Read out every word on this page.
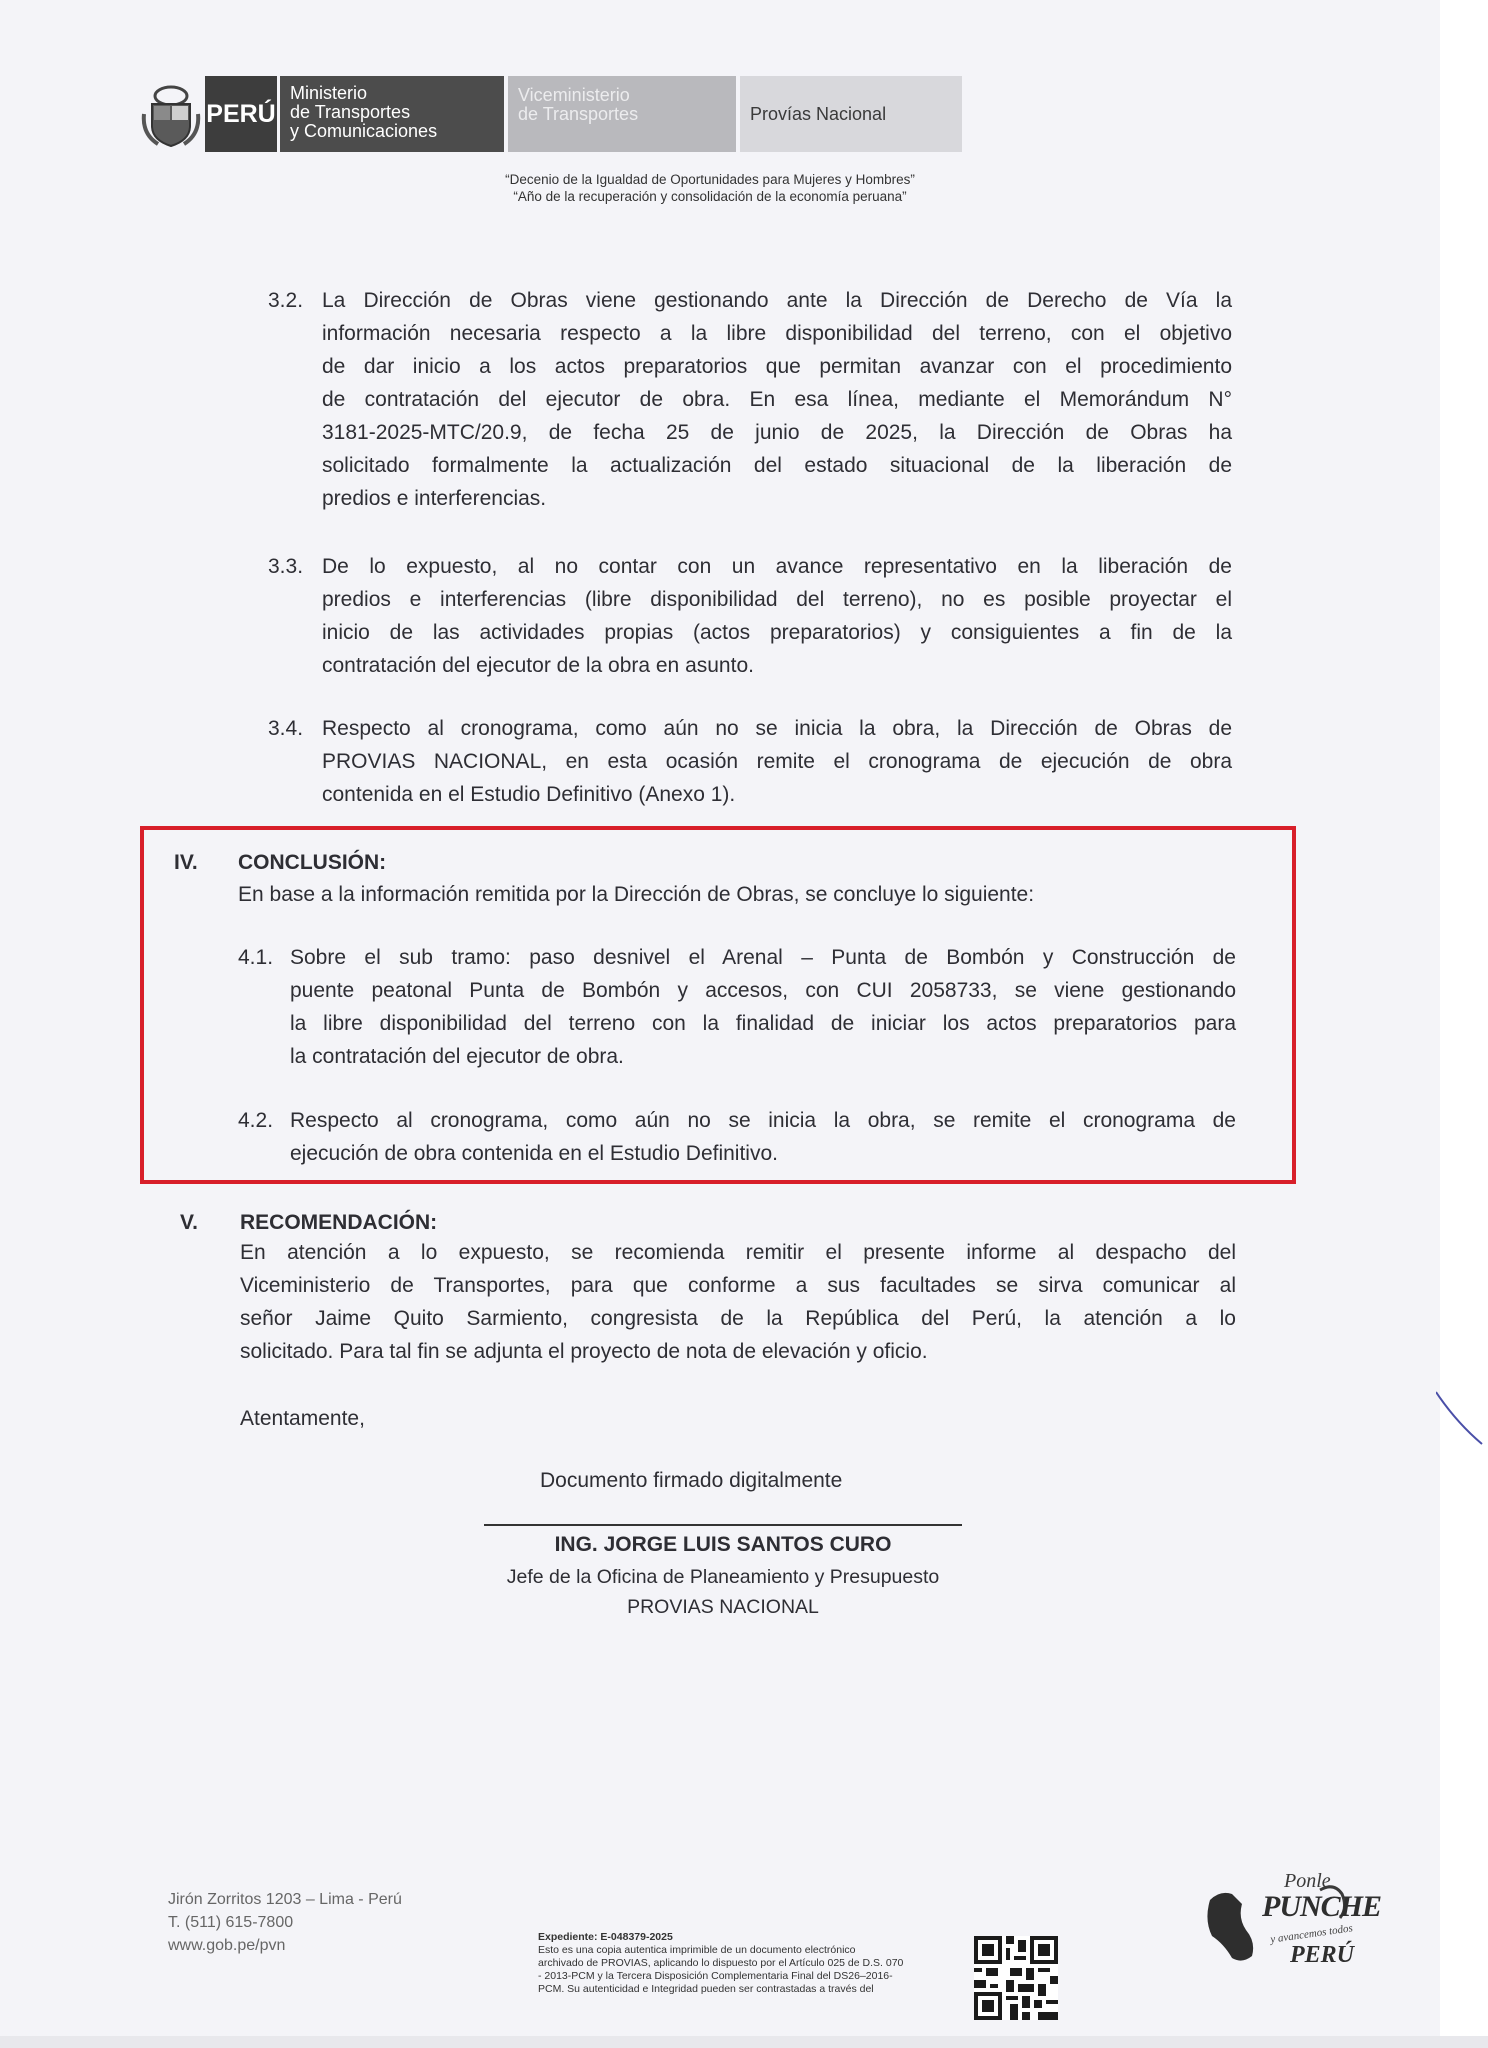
PERÚ
Ministerio
de Transportes
y Comunicaciones
Viceministerio
de Transportes	Provías Nacional
“Decenio de la Igualdad de Oportunidades para Mujeres y Hombres”
“Año de la recuperación y consolidación de la economía peruana”
3.2. La Dirección de Obras viene gestionando ante la Dirección de Derecho de Vía la
información necesaria respecto a la libre disponibilidad del terreno, con el objetivo
de dar inicio a los actos preparatorios que permitan avanzar con el procedimiento
de contratación del ejecutor de obra. En esa línea, mediante el Memorándum N°
3181-2025-MTC/20.9, de fecha 25 de junio de 2025, la Dirección de Obras ha
solicitado formalmente la actualización del estado situacional de la liberación de
predios e interferencias.
3.3. De lo expuesto, al no contar con un avance representativo en la liberación de
predios e interferencias (libre disponibilidad del terreno), no es posible proyectar el
inicio de las actividades propias (actos preparatorios) y consiguientes a fin de la
contratación del ejecutor de la obra en asunto.
3.4. Respecto al cronograma, como aún no se inicia la obra, la Dirección de Obras de
PROVIAS NACIONAL, en esta ocasión remite el cronograma de ejecución de obra
contenida en el Estudio Definitivo (Anexo 1).
IV. CONCLUSIÓN:
En base a la información remitida por la Dirección de Obras, se concluye lo siguiente:
4.1. Sobre el sub tramo: paso desnivel el Arenal – Punta de Bombón y Construcción de
puente peatonal Punta de Bombón y accesos, con CUI 2058733, se viene gestionando
la libre disponibilidad del terreno con la finalidad de iniciar los actos preparatorios para
la contratación del ejecutor de obra.
4.2. Respecto al cronograma, como aún no se inicia la obra, se remite el cronograma de
ejecución de obra contenida en el Estudio Definitivo.
V. RECOMENDACIÓN:
En atención a lo expuesto, se recomienda remitir el presente informe al despacho del
Viceministerio de Transportes, para que conforme a sus facultades se sirva comunicar al
señor Jaime Quito Sarmiento, congresista de la República del Perú, la atención a lo
solicitado. Para tal fin se adjunta el proyecto de nota de elevación y oficio.
Atentamente,
Documento firmado digitalmente
ING. JORGE LUIS SANTOS CURO
Jefe de la Oficina de Planeamiento y Presupuesto
PROVIAS NACIONAL
Jirón Zorritos 1203 – Lima - Perú
T. (511) 615-7800
www.gob.pe/pvn	Expediente: E-048379-2025
Esto es una copia autentica imprimible de un documento electrónico
archivado de PROVIAS, aplicando lo dispuesto por el Artículo 025 de D.S. 070
- 2013-PCM y la Tercera Disposición Complementaria Final del DS26–2016-
PCM. Su autenticidad e Integridad pueden ser contrastadas a través del
Ponle
PUNCHE
y avancemos todos
PERÚ
